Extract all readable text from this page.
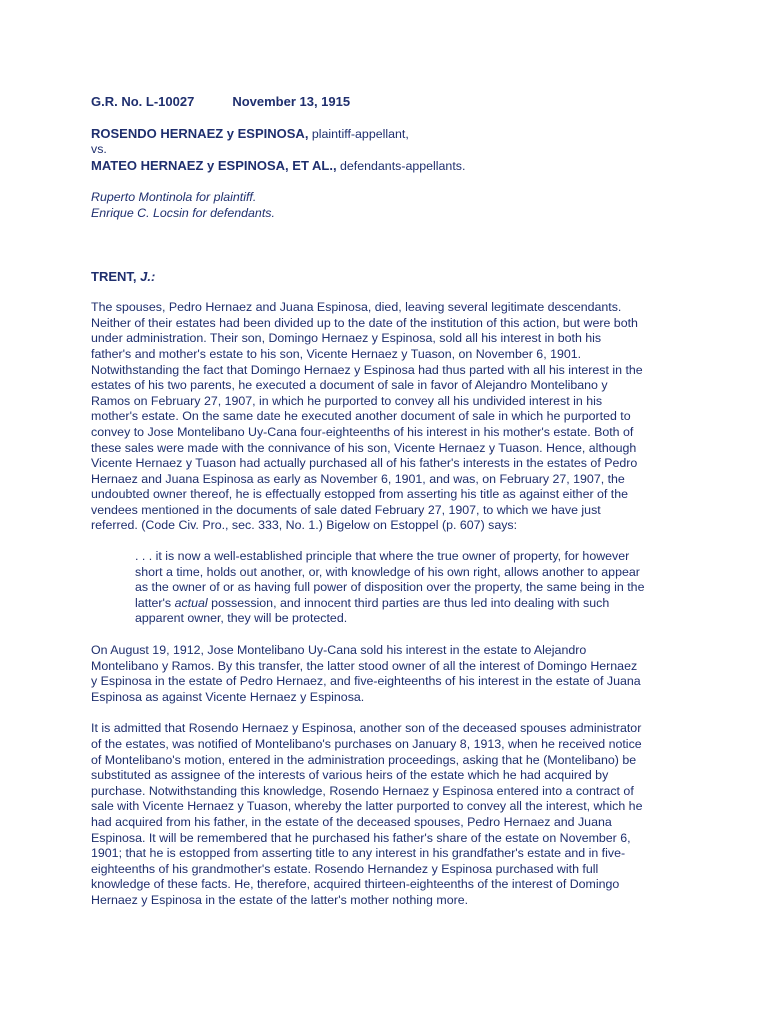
G.R. No. L-10027	November 13, 1915
ROSENDO HERNAEZ y ESPINOSA, plaintiff-appellant,
vs.
MATEO HERNAEZ y ESPINOSA, ET AL., defendants-appellants.
Ruperto Montinola for plaintiff.
Enrique C. Locsin for defendants.
TRENT, J.:

The spouses, Pedro Hernaez and Juana Espinosa, died, leaving several legitimate descendants.
Neither of their estates had been divided up to the date of the institution of this action, but were both
under administration. Their son, Domingo Hernaez y Espinosa, sold all his interest in both his
father's and mother's estate to his son, Vicente Hernaez y Tuason, on November 6, 1901.
Notwithstanding the fact that Domingo Hernaez y Espinosa had thus parted with all his interest in the
estates of his two parents, he executed a document of sale in favor of Alejandro Montelibano y
Ramos on February 27, 1907, in which he purported to convey all his undivided interest in his
mother's estate. On the same date he executed another document of sale in which he purported to
convey to Jose Montelibano Uy-Cana four-eighteenths of his interest in his mother's estate. Both of
these sales were made with the connivance of his son, Vicente Hernaez y Tuason. Hence, although
Vicente Hernaez y Tuason had actually purchased all of his father's interests in the estates of Pedro
Hernaez and Juana Espinosa as early as November 6, 1901, and was, on February 27, 1907, the
undoubted owner thereof, he is effectually estopped from asserting his title as against either of the
vendees mentioned in the documents of sale dated February 27, 1907, to which we have just
referred. (Code Civ. Pro., sec. 333, No. 1.) Bigelow on Estoppel (p. 607) says:

. . . it is now a well-established principle that where the true owner of property, for however
short a time, holds out another, or, with knowledge of his own right, allows another to appear
as the owner of or as having full power of disposition over the property, the same being in the
latter's actual possession, and innocent third parties are thus led into dealing with such
apparent owner, they will be protected.

On August 19, 1912, Jose Montelibano Uy-Cana sold his interest in the estate to Alejandro
Montelibano y Ramos. By this transfer, the latter stood owner of all the interest of Domingo Hernaez
y Espinosa in the estate of Pedro Hernaez, and five-eighteenths of his interest in the estate of Juana
Espinosa as against Vicente Hernaez y Espinosa.

It is admitted that Rosendo Hernaez y Espinosa, another son of the deceased spouses administrator
of the estates, was notified of Montelibano's purchases on January 8, 1913, when he received notice
of Montelibano's motion, entered in the administration proceedings, asking that he (Montelibano) be
substituted as assignee of the interests of various heirs of the estate which he had acquired by
purchase. Notwithstanding this knowledge, Rosendo Hernaez y Espinosa entered into a contract of
sale with Vicente Hernaez y Tuason, whereby the latter purported to convey all the interest, which he
had acquired from his father, in the estate of the deceased spouses, Pedro Hernaez and Juana
Espinosa. It will be remembered that he purchased his father's share of the estate on November 6,
1901; that he is estopped from asserting title to any interest in his grandfather's estate and in five-
eighteenths of his grandmother's estate. Rosendo Hernandez y Espinosa purchased with full
knowledge of these facts. He, therefore, acquired thirteen-eighteenths of the interest of Domingo
Hernaez y Espinosa in the estate of the latter's mother nothing more.
